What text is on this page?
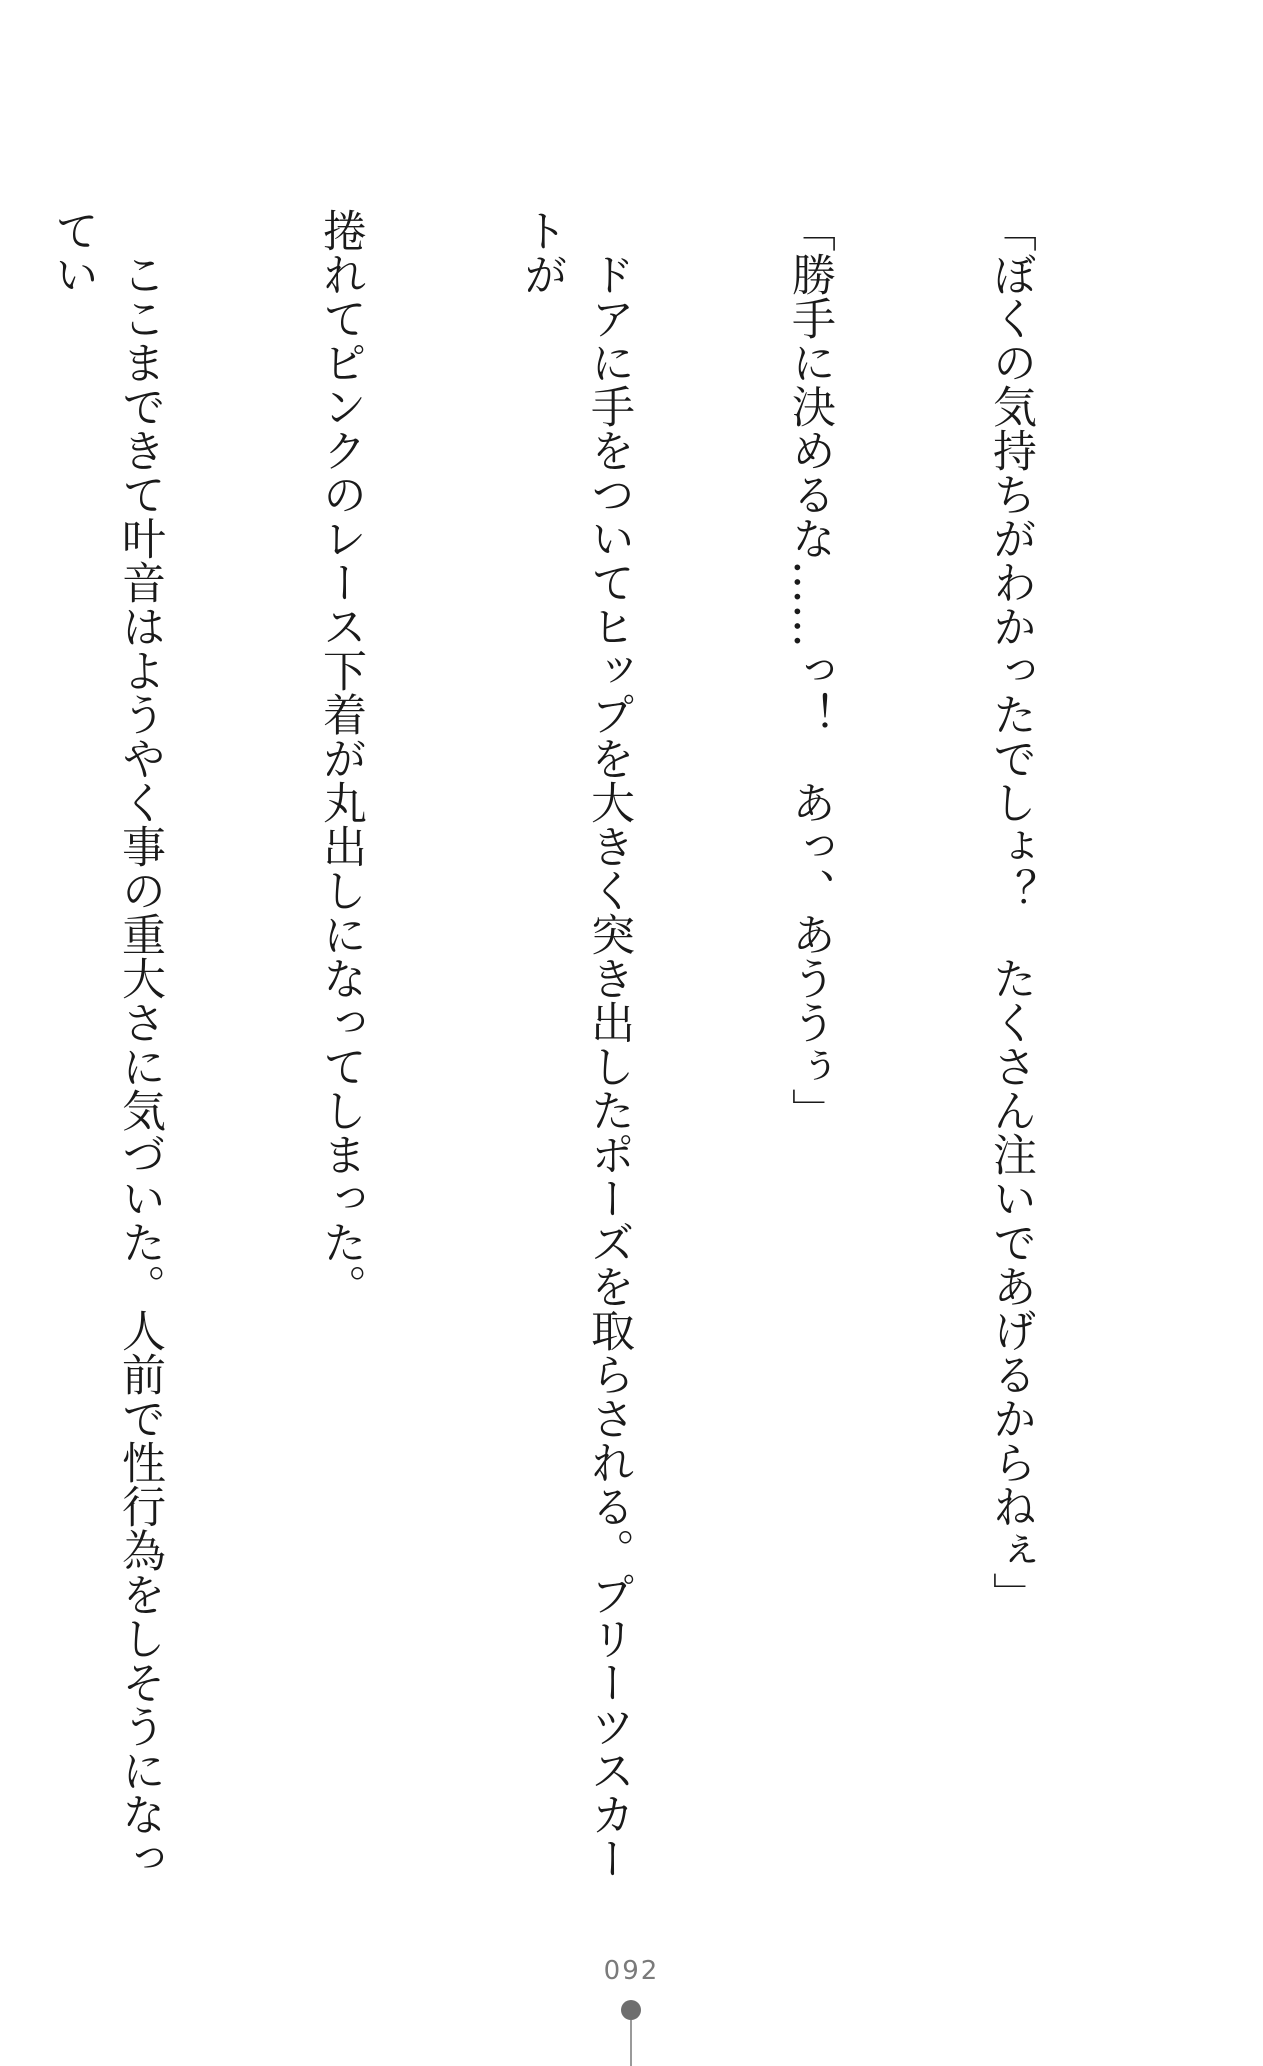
「ぼくの気持ちがわかったでしょ？　たくさん注いであげるからねぇ」

「勝手に決めるな……っ！　あっ、あううぅ」

ドアに手をついてヒップを大きく突き出したポーズを取らされる。プリーツスカートが

捲れてピンクのレース下着が丸出しになってしまった。

ここまできて叶音はようやく事の重大さに気づいた。人前で性行為をしそうになってい

092
